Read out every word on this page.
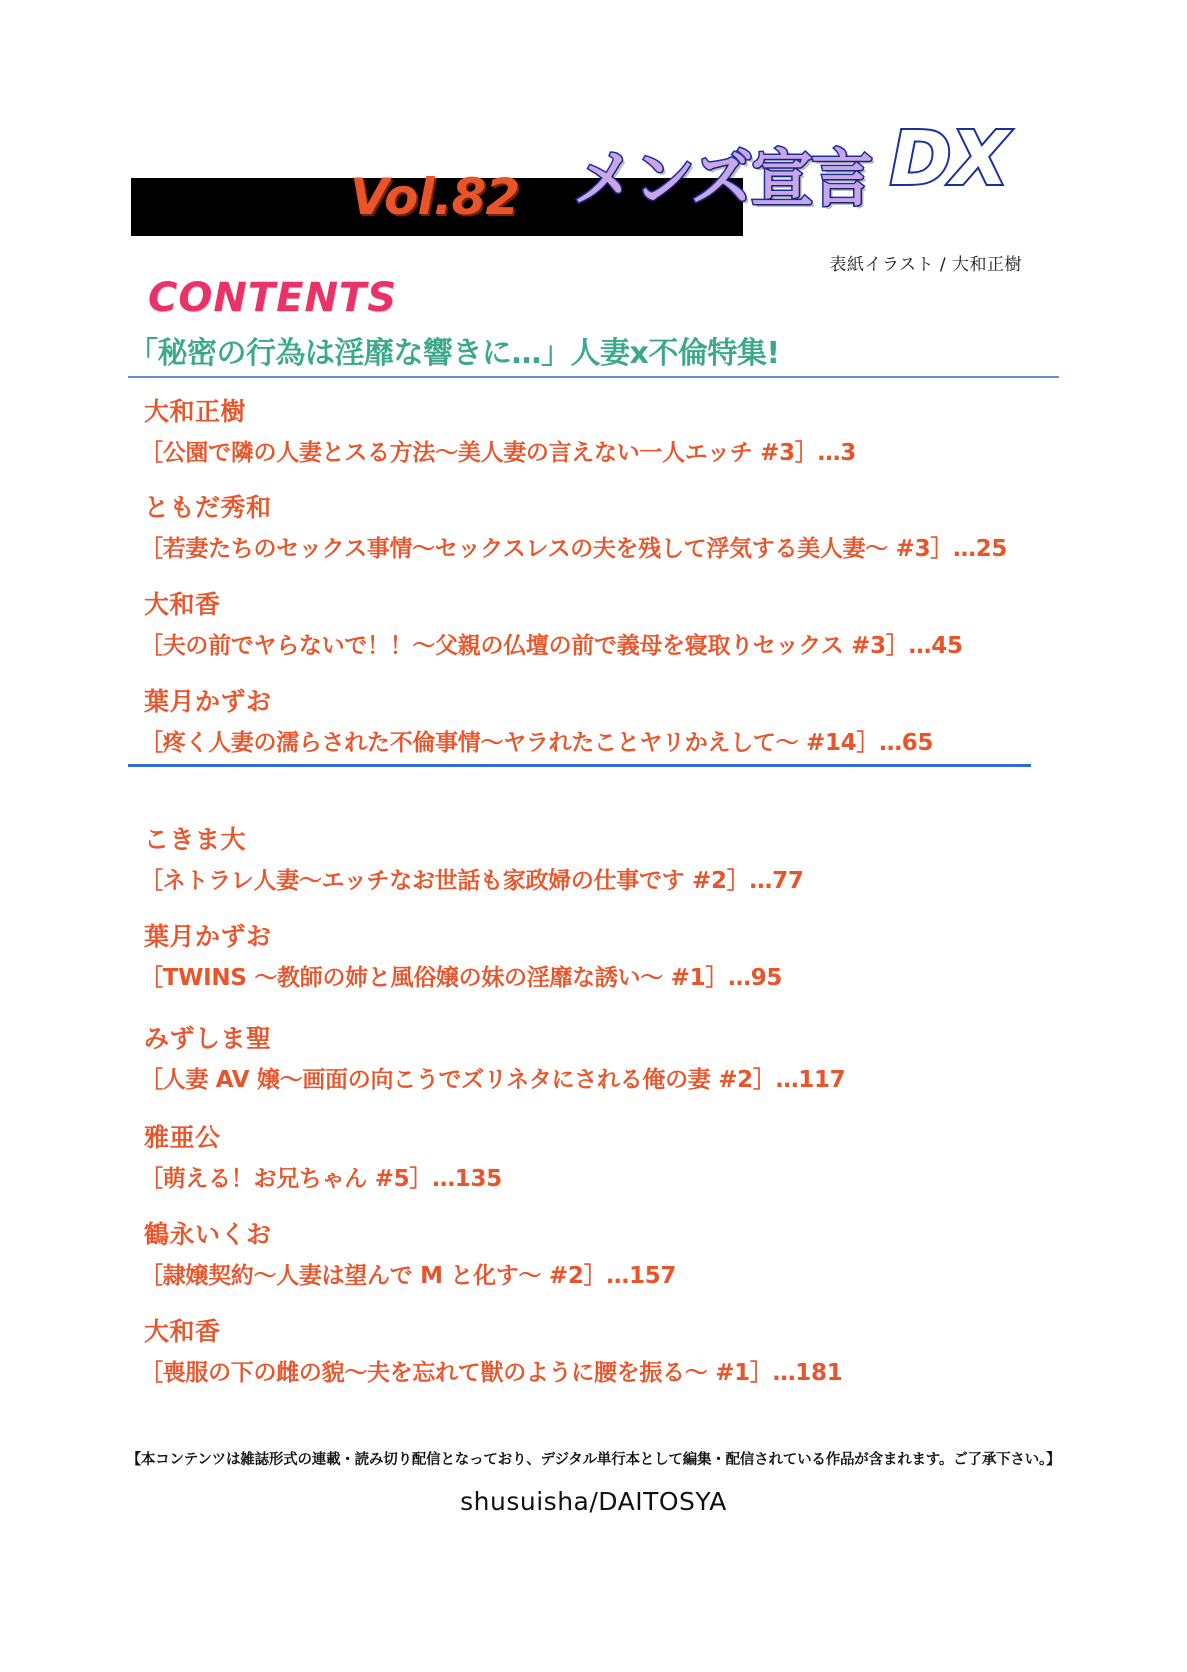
Vol.82 メンズ宣言 DX
表紙イラスト / 大和正樹
CONTENTS
「秘密の行為は淫靡な響きに…」人妻x不倫特集!
大和正樹
［公園で隣の人妻とスる方法〜美人妻の言えない一人エッチ #3］…3
ともだ秀和
［若妻たちのセックス事情〜セックスレスの夫を残して浮気する美人妻〜 #3］…25
大和香
［夫の前でヤらないで！！〜父親の仏壇の前で義母を寝取りセックス #3］…45
葉月かずお
［疼く人妻の濡らされた不倫事情〜ヤラれたことヤリかえして〜 #14］…65
こきま大
［ネトラレ人妻〜エッチなお世話も家政婦の仕事です #2］…77
葉月かずお
［TWINS 〜教師の姉と風俗嬢の妹の淫靡な誘い〜 #1］…95
みずしま聖
［人妻 AV 嬢〜画面の向こうでズリネタにされる俺の妻 #2］…117
雅亜公
［萌える！お兄ちゃん #5］…135
鶴永いくお
［隷嬢契約〜人妻は望んで M と化す〜 #2］…157
大和香
［喪服の下の雌の貌〜夫を忘れて獣のように腰を振る〜 #1］…181
【本コンテンツは雑誌形式の連載・読み切り配信となっており、デジタル単行本として編集・配信されている作品が含まれます。ご了承下さい。】
shusuisha/DAITOSYA
